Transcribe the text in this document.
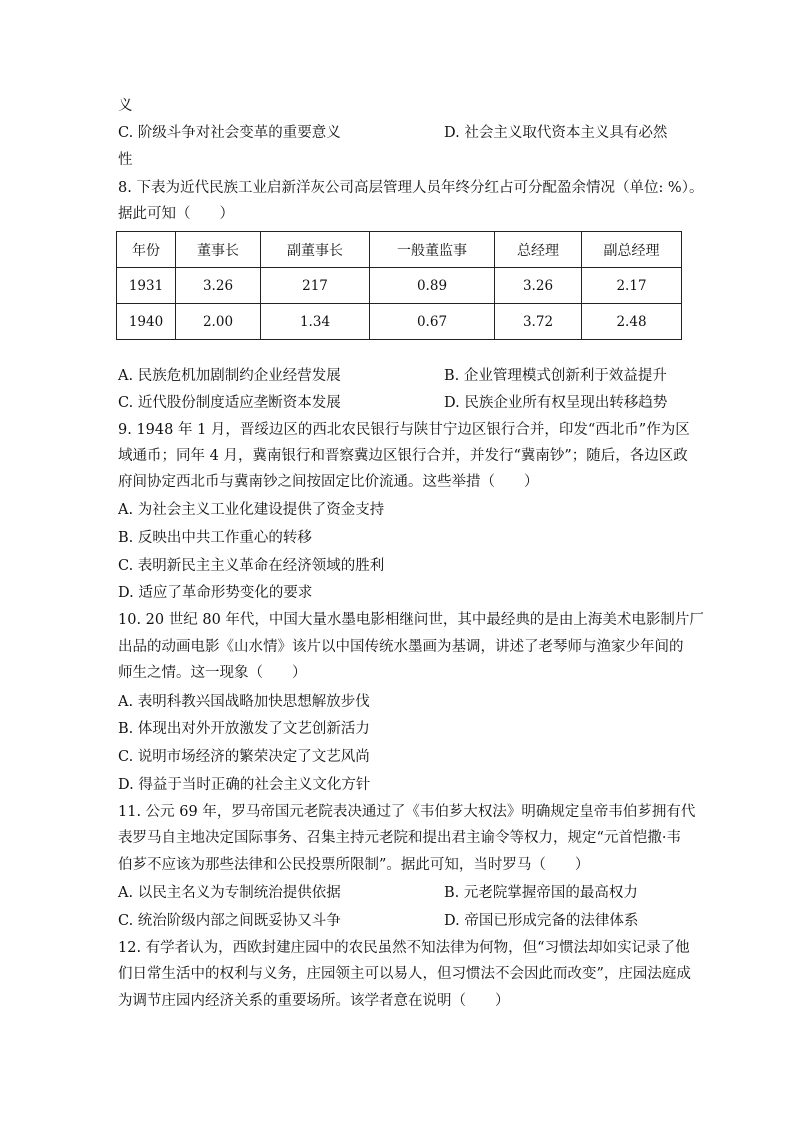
义
C. 阶级斗争对社会变革的重要意义	D. 社会主义取代资本主义具有必然
性
8. 下表为近代民族工业启新洋灰公司高层管理人员年终分红占可分配盈余情况（单位: %）。
据此可知（　　）
年份	董事长	副董事长	一般董监事	总经理	副总经理
1931	3.26	217	0.89	3.26	2.17
1940	2.00	1.34	0.67	3.72	2.48
A. 民族危机加剧制约企业经营发展	B. 企业管理模式创新利于效益提升
C. 近代股份制度适应垄断资本发展	D. 民族企业所有权呈现出转移趋势
9. 1948 年 1 月，晋绥边区的西北农民银行与陕甘宁边区银行合并，印发“西北币”作为区
域通币；同年 4 月，冀南银行和晋察冀边区银行合并，并发行“冀南钞”；随后，各边区政
府间协定西北币与冀南钞之间按固定比价流通。这些举措（　　）
A. 为社会主义工业化建设提供了资金支持
B. 反映出中共工作重心的转移
C. 表明新民主主义革命在经济领域的胜利
D. 适应了革命形势变化的要求
10. 20 世纪 80 年代，中国大量水墨电影相继问世，其中最经典的是由上海美术电影制片厂
出品的动画电影《山水情》该片以中国传统水墨画为基调，讲述了老琴师与渔家少年间的
师生之情。这一现象（　　）
A. 表明科教兴国战略加快思想解放步伐
B. 体现出对外开放激发了文艺创新活力
C. 说明市场经济的繁荣决定了文艺风尚
D. 得益于当时正确的社会主义文化方针
11. 公元 69 年，罗马帝国元老院表决通过了《韦伯芗大权法》明确规定皇帝韦伯芗拥有代
表罗马自主地决定国际事务、召集主持元老院和提出君主谕令等权力，规定“元首恺撒·韦
伯芗不应该为那些法律和公民投票所限制”。据此可知，当时罗马（　　）
A. 以民主名义为专制统治提供依据	B. 元老院掌握帝国的最高权力
C. 统治阶级内部之间既妥协又斗争	D. 帝国已形成完备的法律体系
12. 有学者认为，西欧封建庄园中的农民虽然不知法律为何物，但“习惯法却如实记录了他
们日常生活中的权利与义务，庄园领主可以易人，但习惯法不会因此而改变”，庄园法庭成
为调节庄园内经济关系的重要场所。该学者意在说明（　　）
